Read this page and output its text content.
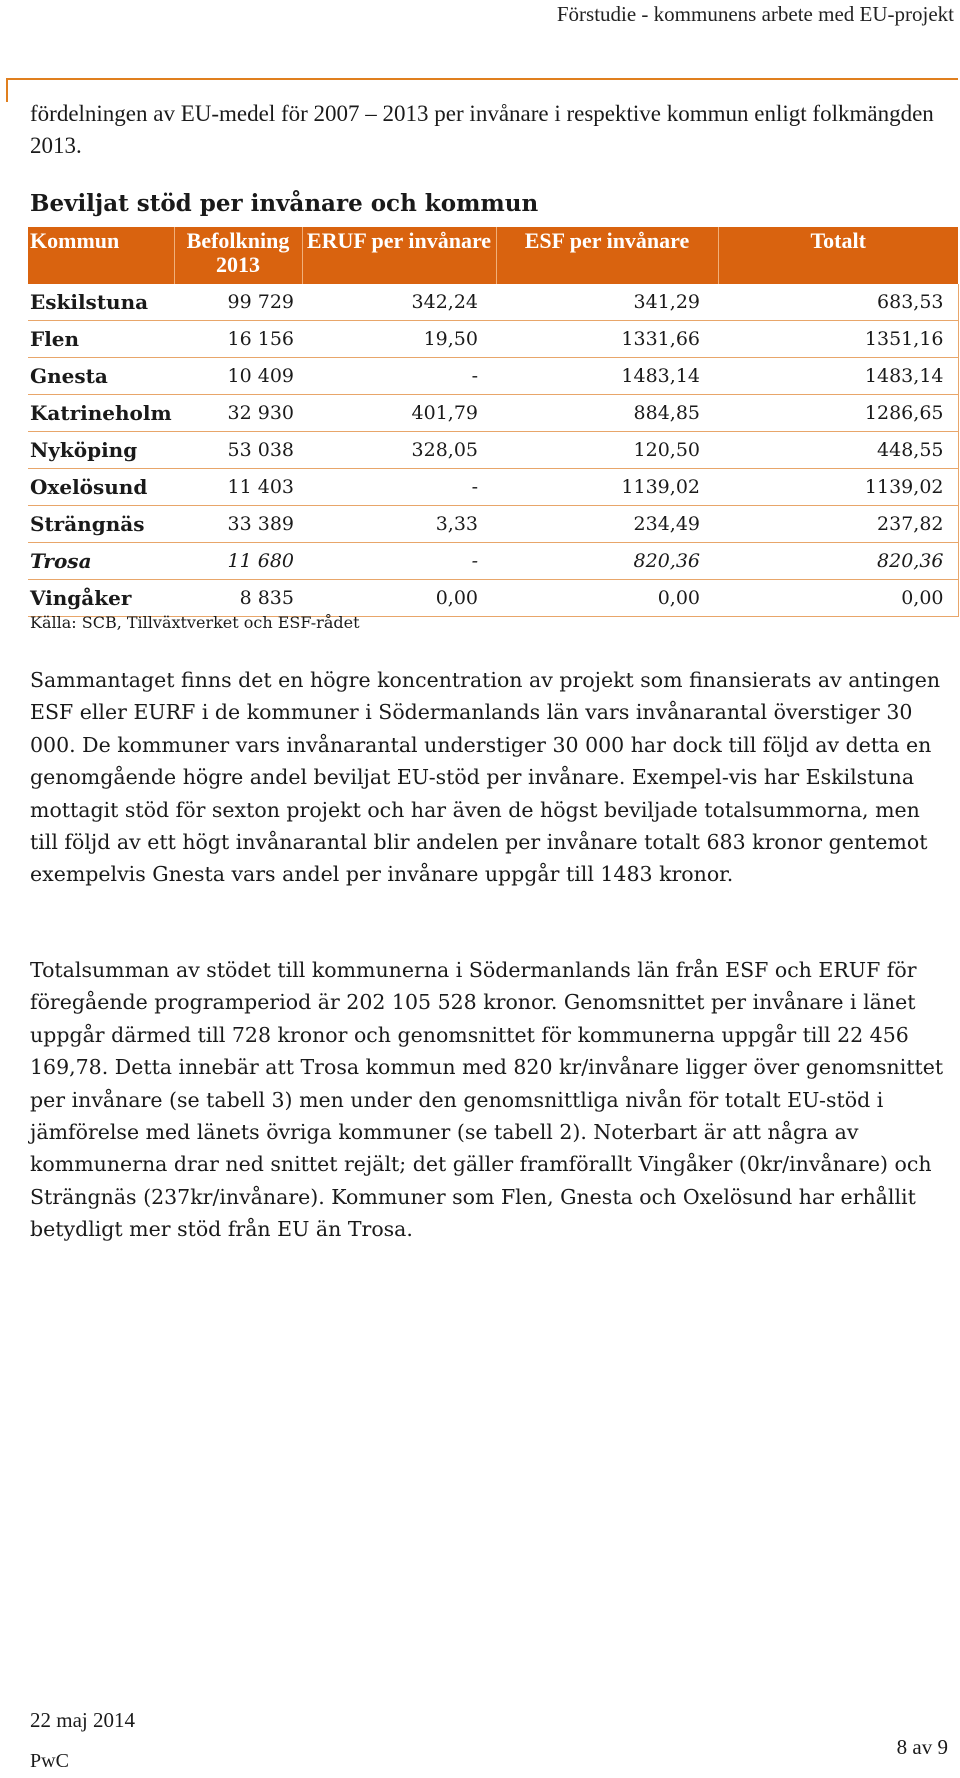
Förstudie - kommunens arbete med EU-projekt

fördelningen av EU-medel för 2007 – 2013 per invånare i respektive kommun enligt folkmängden 2013.

Beviljat stöd per invånare och kommun
Kommun	Befolkning 2013	ERUF per invånare	ESF per invånare	Totalt
Eskilstuna	99 729	342,24	341,29	683,53
Flen	16 156	19,50	1331,66	1351,16
Gnesta	10 409	-	1483,14	1483,14
Katrineholm	32 930	401,79	884,85	1286,65
Nyköping	53 038	328,05	120,50	448,55
Oxelösund	11 403	-	1139,02	1139,02
Strängnäs	33 389	3,33	234,49	237,82
Trosa	11 680	-	820,36	820,36
Vingåker	8 835	0,00	0,00	0,00
Källa: SCB, Tillväxtverket och ESF-rådet

Sammantaget finns det en högre koncentration av projekt som finansierats av antingen ESF eller EURF i de kommuner i Södermanlands län vars invånarantal överstiger 30 000. De kommuner vars invånarantal understiger 30 000 har dock till följd av detta en genomgående högre andel beviljat EU-stöd per invånare. Exempel-vis har Eskilstuna mottagit stöd för sexton projekt och har även de högst beviljade totalsummorna, men till följd av ett högt invånarantal blir andelen per invånare totalt 683 kronor gentemot exempelvis Gnesta vars andel per invånare uppgår till 1483 kronor.

Totalsumman av stödet till kommunerna i Södermanlands län från ESF och ERUF för föregående programperiod är 202 105 528 kronor. Genomsnittet per invånare i länet uppgår därmed till 728 kronor och genomsnittet för kommunerna uppgår till 22 456 169,78. Detta innebär att Trosa kommun med 820 kr/invånare ligger över genomsnittet per invånare (se tabell 3) men under den genomsnittliga nivån för totalt EU-stöd i jämförelse med länets övriga kommuner (se tabell 2). Noterbart är att några av kommunerna drar ned snittet rejält; det gäller framförallt Vingåker (0kr/invånare) och Strängnäs (237kr/invånare). Kommuner som Flen, Gnesta och Oxelösund har erhållit betydligt mer stöd från EU än Trosa.

22 maj 2014
PwC
8 av 9
